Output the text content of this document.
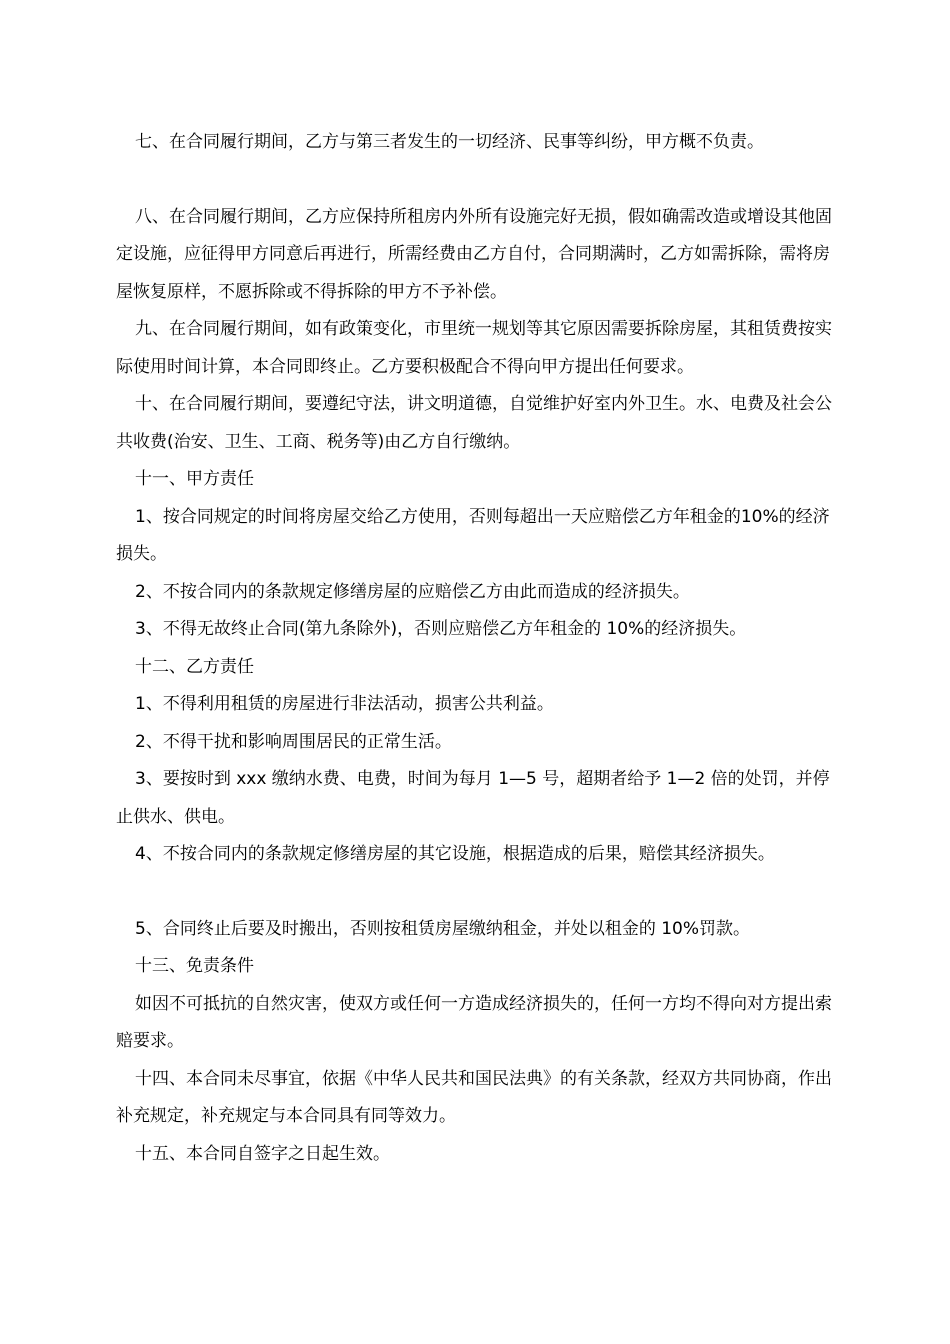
七、在合同履行期间，乙方与第三者发生的一切经济、民事等纠纷，甲方概不负责。

八、在合同履行期间，乙方应保持所租房内外所有设施完好无损，假如确需改造或增设其他固定设施，应征得甲方同意后再进行，所需经费由乙方自付，合同期满时，乙方如需拆除，需将房屋恢复原样，不愿拆除或不得拆除的甲方不予补偿。

九、在合同履行期间，如有政策变化，市里统一规划等其它原因需要拆除房屋，其租赁费按实际使用时间计算，本合同即终止。乙方要积极配合不得向甲方提出任何要求。

十、在合同履行期间，要遵纪守法，讲文明道德，自觉维护好室内外卫生。水、电费及社会公共收费(治安、卫生、工商、税务等)由乙方自行缴纳。

十一、甲方责任

1、按合同规定的时间将房屋交给乙方使用，否则每超出一天应赔偿乙方年租金的10%的经济损失。

2、不按合同内的条款规定修缮房屋的应赔偿乙方由此而造成的经济损失。

3、不得无故终止合同(第九条除外)，否则应赔偿乙方年租金的 10%的经济损失。

十二、乙方责任

1、不得利用租赁的房屋进行非法活动，损害公共利益。

2、不得干扰和影响周围居民的正常生活。

3、要按时到 xxx 缴纳水费、电费，时间为每月 1—5 号，超期者给予 1—2 倍的处罚，并停止供水、供电。

4、不按合同内的条款规定修缮房屋的其它设施，根据造成的后果，赔偿其经济损失。

5、合同终止后要及时搬出，否则按租赁房屋缴纳租金，并处以租金的 10%罚款。

十三、免责条件

如因不可抵抗的自然灾害，使双方或任何一方造成经济损失的，任何一方均不得向对方提出索赔要求。

十四、本合同未尽事宜，依据《中华人民共和国民法典》的有关条款，经双方共同协商，作出补充规定，补充规定与本合同具有同等效力。

十五、本合同自签字之日起生效。
